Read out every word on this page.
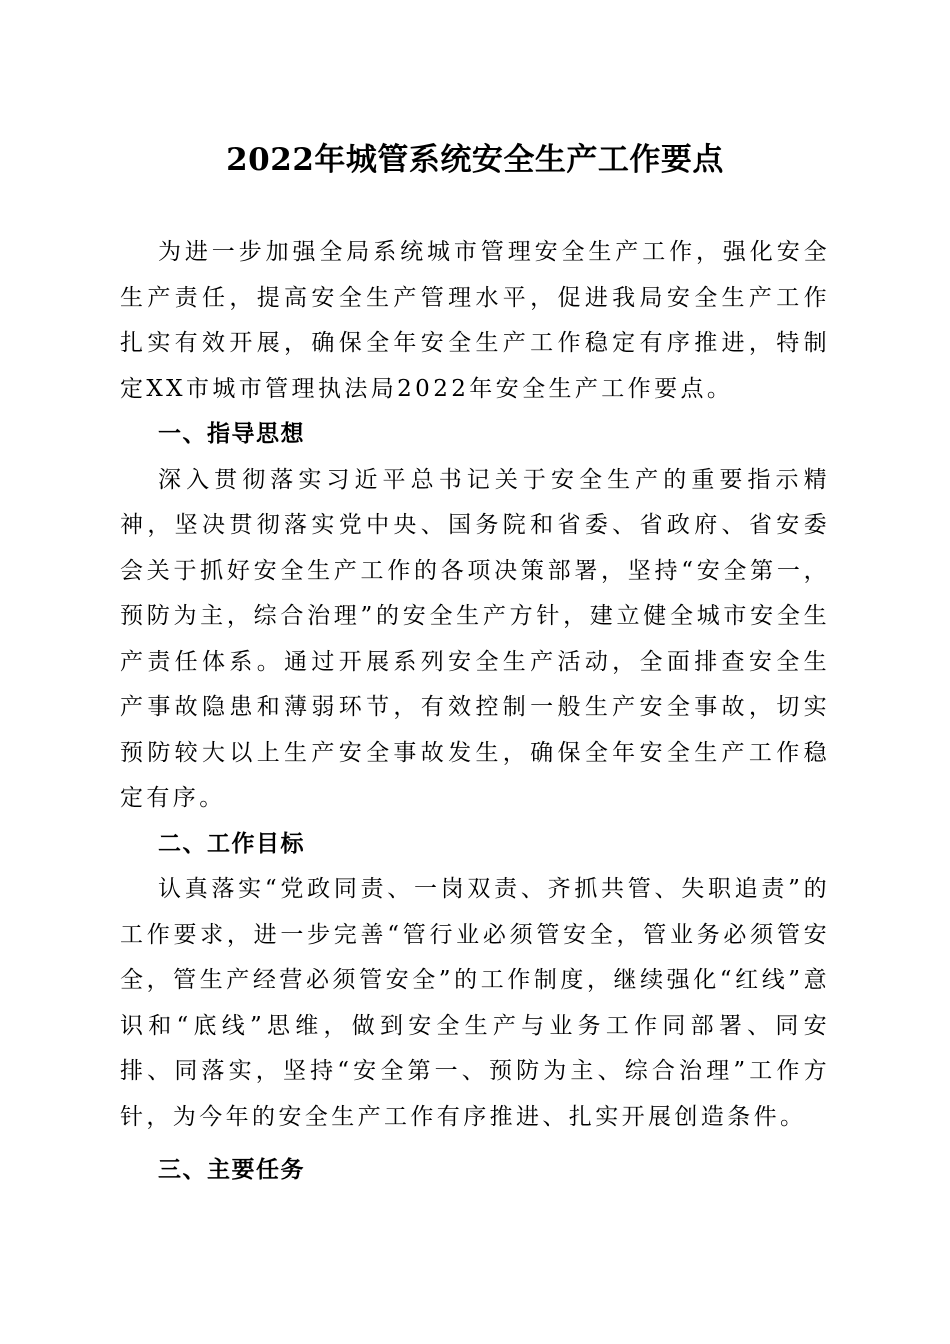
2022年城管系统安全生产工作要点

为进一步加强全局系统城市管理安全生产工作，强化安全生产责任，提高安全生产管理水平，促进我局安全生产工作扎实有效开展，确保全年安全生产工作稳定有序推进，特制定XX市城市管理执法局2022年安全生产工作要点。

一、指导思想

深入贯彻落实习近平总书记关于安全生产的重要指示精神，坚决贯彻落实党中央、国务院和省委、省政府、省安委会关于抓好安全生产工作的各项决策部署，坚持“安全第一，预防为主，综合治理”的安全生产方针，建立健全城市安全生产责任体系。通过开展系列安全生产活动，全面排查安全生产事故隐患和薄弱环节，有效控制一般生产安全事故，切实预防较大以上生产安全事故发生，确保全年安全生产工作稳定有序。

二、工作目标

认真落实“党政同责、一岗双责、齐抓共管、失职追责”的工作要求，进一步完善“管行业必须管安全，管业务必须管安全，管生产经营必须管安全”的工作制度，继续强化“红线”意识和“底线”思维，做到安全生产与业务工作同部署、同安排、同落实，坚持“安全第一、预防为主、综合治理”工作方针，为今年的安全生产工作有序推进、扎实开展创造条件。

三、主要任务
